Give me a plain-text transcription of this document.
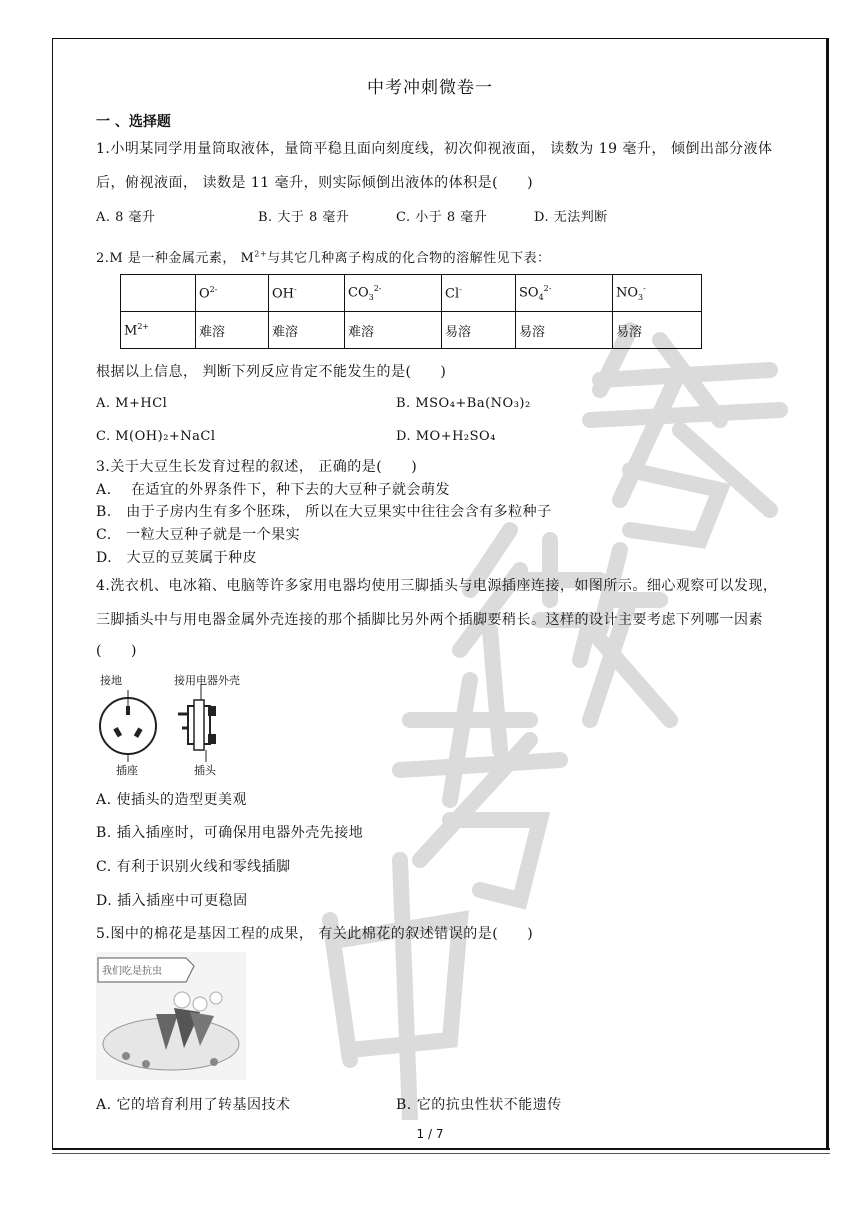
中考冲刺微卷一
一 、选择题
1.小明某同学用量筒取液体，量筒平稳且面向刻度线，初次仰视液面， 读数为 19 毫升， 倾倒出部分液体
后，俯视液面， 读数是 11 毫升，则实际倾倒出液体的体积是(　　)
A. 8 毫升	B. 大于 8 毫升	C. 小于 8 毫升	D. 无法判断
2.M 是一种金属元素， $M^{2+}$与其它几种离子构成的化合物的溶解性见下表：
	$O^{2-}$	OH-	$CO_3^{2-}$	Cl-	$SO_4^{2-}$	$NO_3^-$
$M^{2+}$	难溶	难溶	难溶	易溶	易溶	易溶
根据以上信息， 判断下列反应肯定不能发生的是(　　)
A. M+HCl	B. MSO₄+Ba(NO₃)₂
C. M(OH)₂+NaCl	D. MO+H₂SO₄
3.关于大豆生长发育过程的叙述， 正确的是(　　)
A.　 在适宜的外界条件下，种下去的大豆种子就会萌发
B.　由于子房内生有多个胚珠， 所以在大豆果实中往往会含有多粒种子
C.　一粒大豆种子就是一个果实
D.　大豆的豆荚属于种皮
4.洗衣机、电冰箱、电脑等许多家用电器均使用三脚插头与电源插座连接，如图所示。细心观察可以发现，
三脚插头中与用电器金属外壳连接的那个插脚比另外两个插脚要稍长。这样的设计主要考虑下列哪一因素
(　　)
接地	接用电器外壳
插座	插头
A. 使插头的造型更美观
B. 插入插座时，可确保用电器外壳先接地
C. 有利于识别火线和零线插脚
D. 插入插座中可更稳固
5.图中的棉花是基因工程的成果， 有关此棉花的叙述错误的是(　　)
我们吃是抗虫
A. 它的培育利用了转基因技术	B. 它的抗虫性状不能遗传
1 / 7
